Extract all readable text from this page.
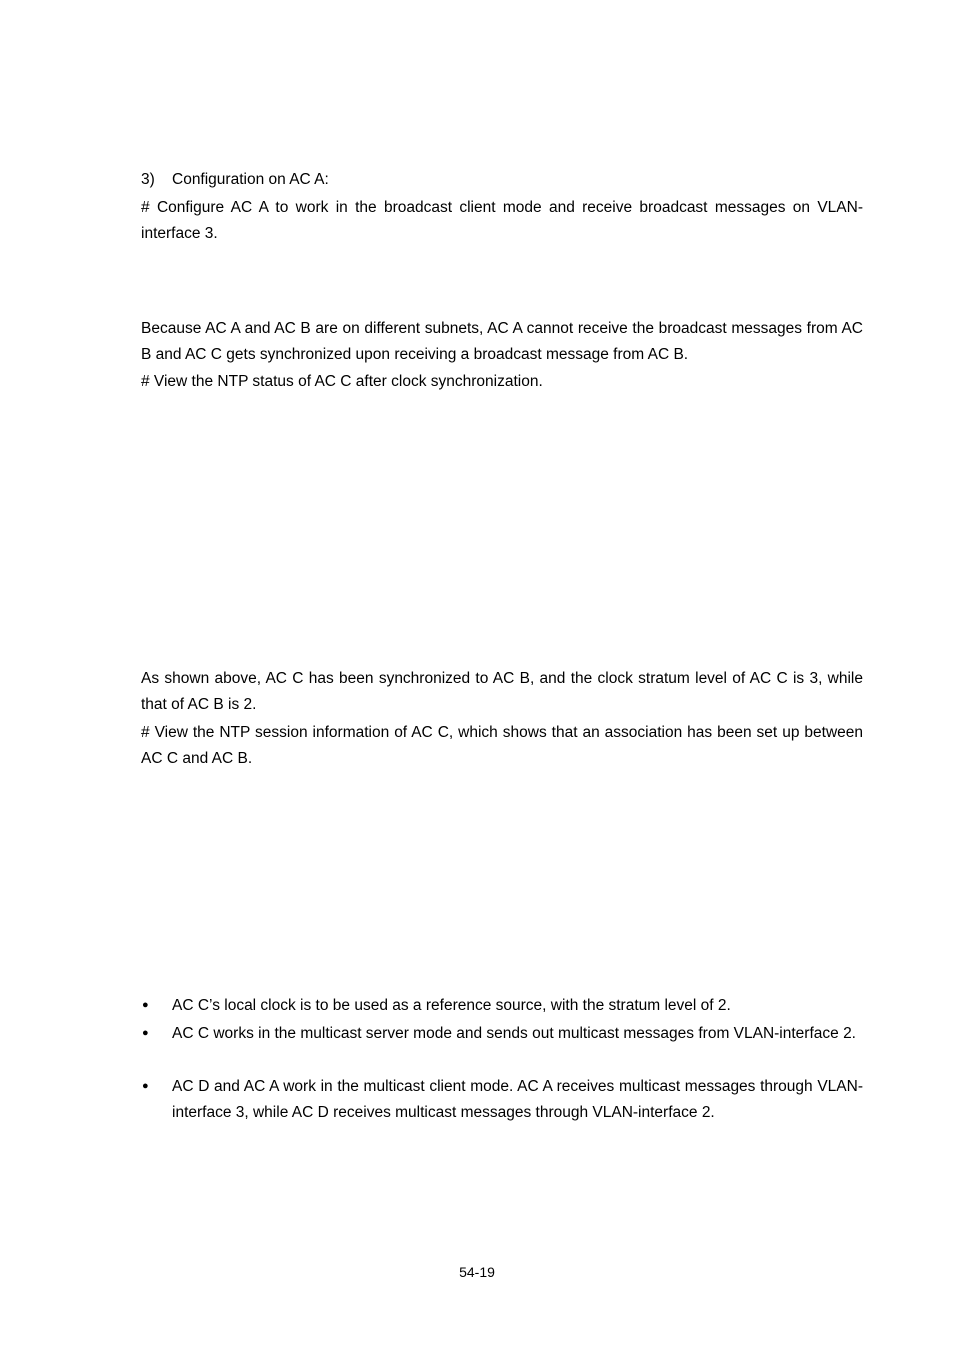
3) Configuration on AC A:

# Configure AC A to work in the broadcast client mode and receive broadcast messages on VLAN-interface 3.

Because AC A and AC B are on different subnets, AC A cannot receive the broadcast messages from AC B and AC C gets synchronized upon receiving a broadcast message from AC B.

# View the NTP status of AC C after clock synchronization.

As shown above, AC C has been synchronized to AC B, and the clock stratum level of AC C is 3, while that of AC B is 2.

# View the NTP session information of AC C, which shows that an association has been set up between AC C and AC B.

●	AC C’s local clock is to be used as a reference source, with the stratum level of 2.
●	AC C works in the multicast server mode and sends out multicast messages from VLAN-interface 2.
●	AC D and AC A work in the multicast client mode. AC A receives multicast messages through VLAN-interface 3, while AC D receives multicast messages through VLAN-interface 2.
54-19
